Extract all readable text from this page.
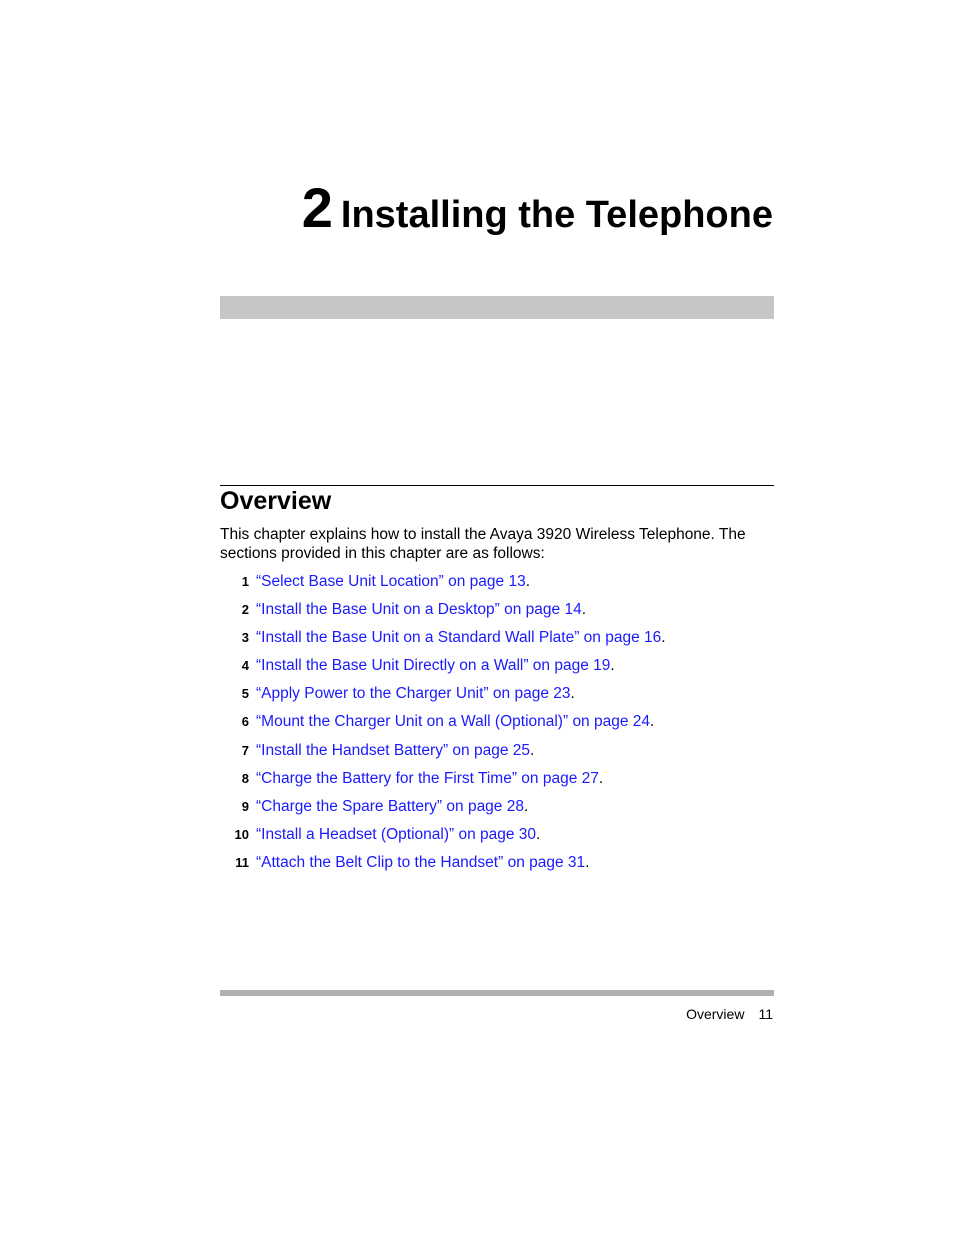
2 Installing the Telephone
Overview

This chapter explains how to install the Avaya 3920 Wireless Telephone. The sections provided in this chapter are as follows:

1 “Select Base Unit Location” on page 13 .
2 “Install the Base Unit on a Desktop” on page 14 .
3 “Install the Base Unit on a Standard Wall Plate” on page 16 .
4 “Install the Base Unit Directly on a Wall” on page 19 .
5 “Apply Power to the Charger Unit” on page 23 .
6 “Mount the Charger Unit on a Wall (Optional)” on page 24 .
7 “Install the Handset Battery” on page 25 .
8 “Charge the Battery for the First Time” on page 27 .
9 “Charge the Spare Battery” on page 28 .
10 “Install a Headset (Optional)” on page 30 .
11 “Attach the Belt Clip to the Handset” on page 31 .
Overview 11
